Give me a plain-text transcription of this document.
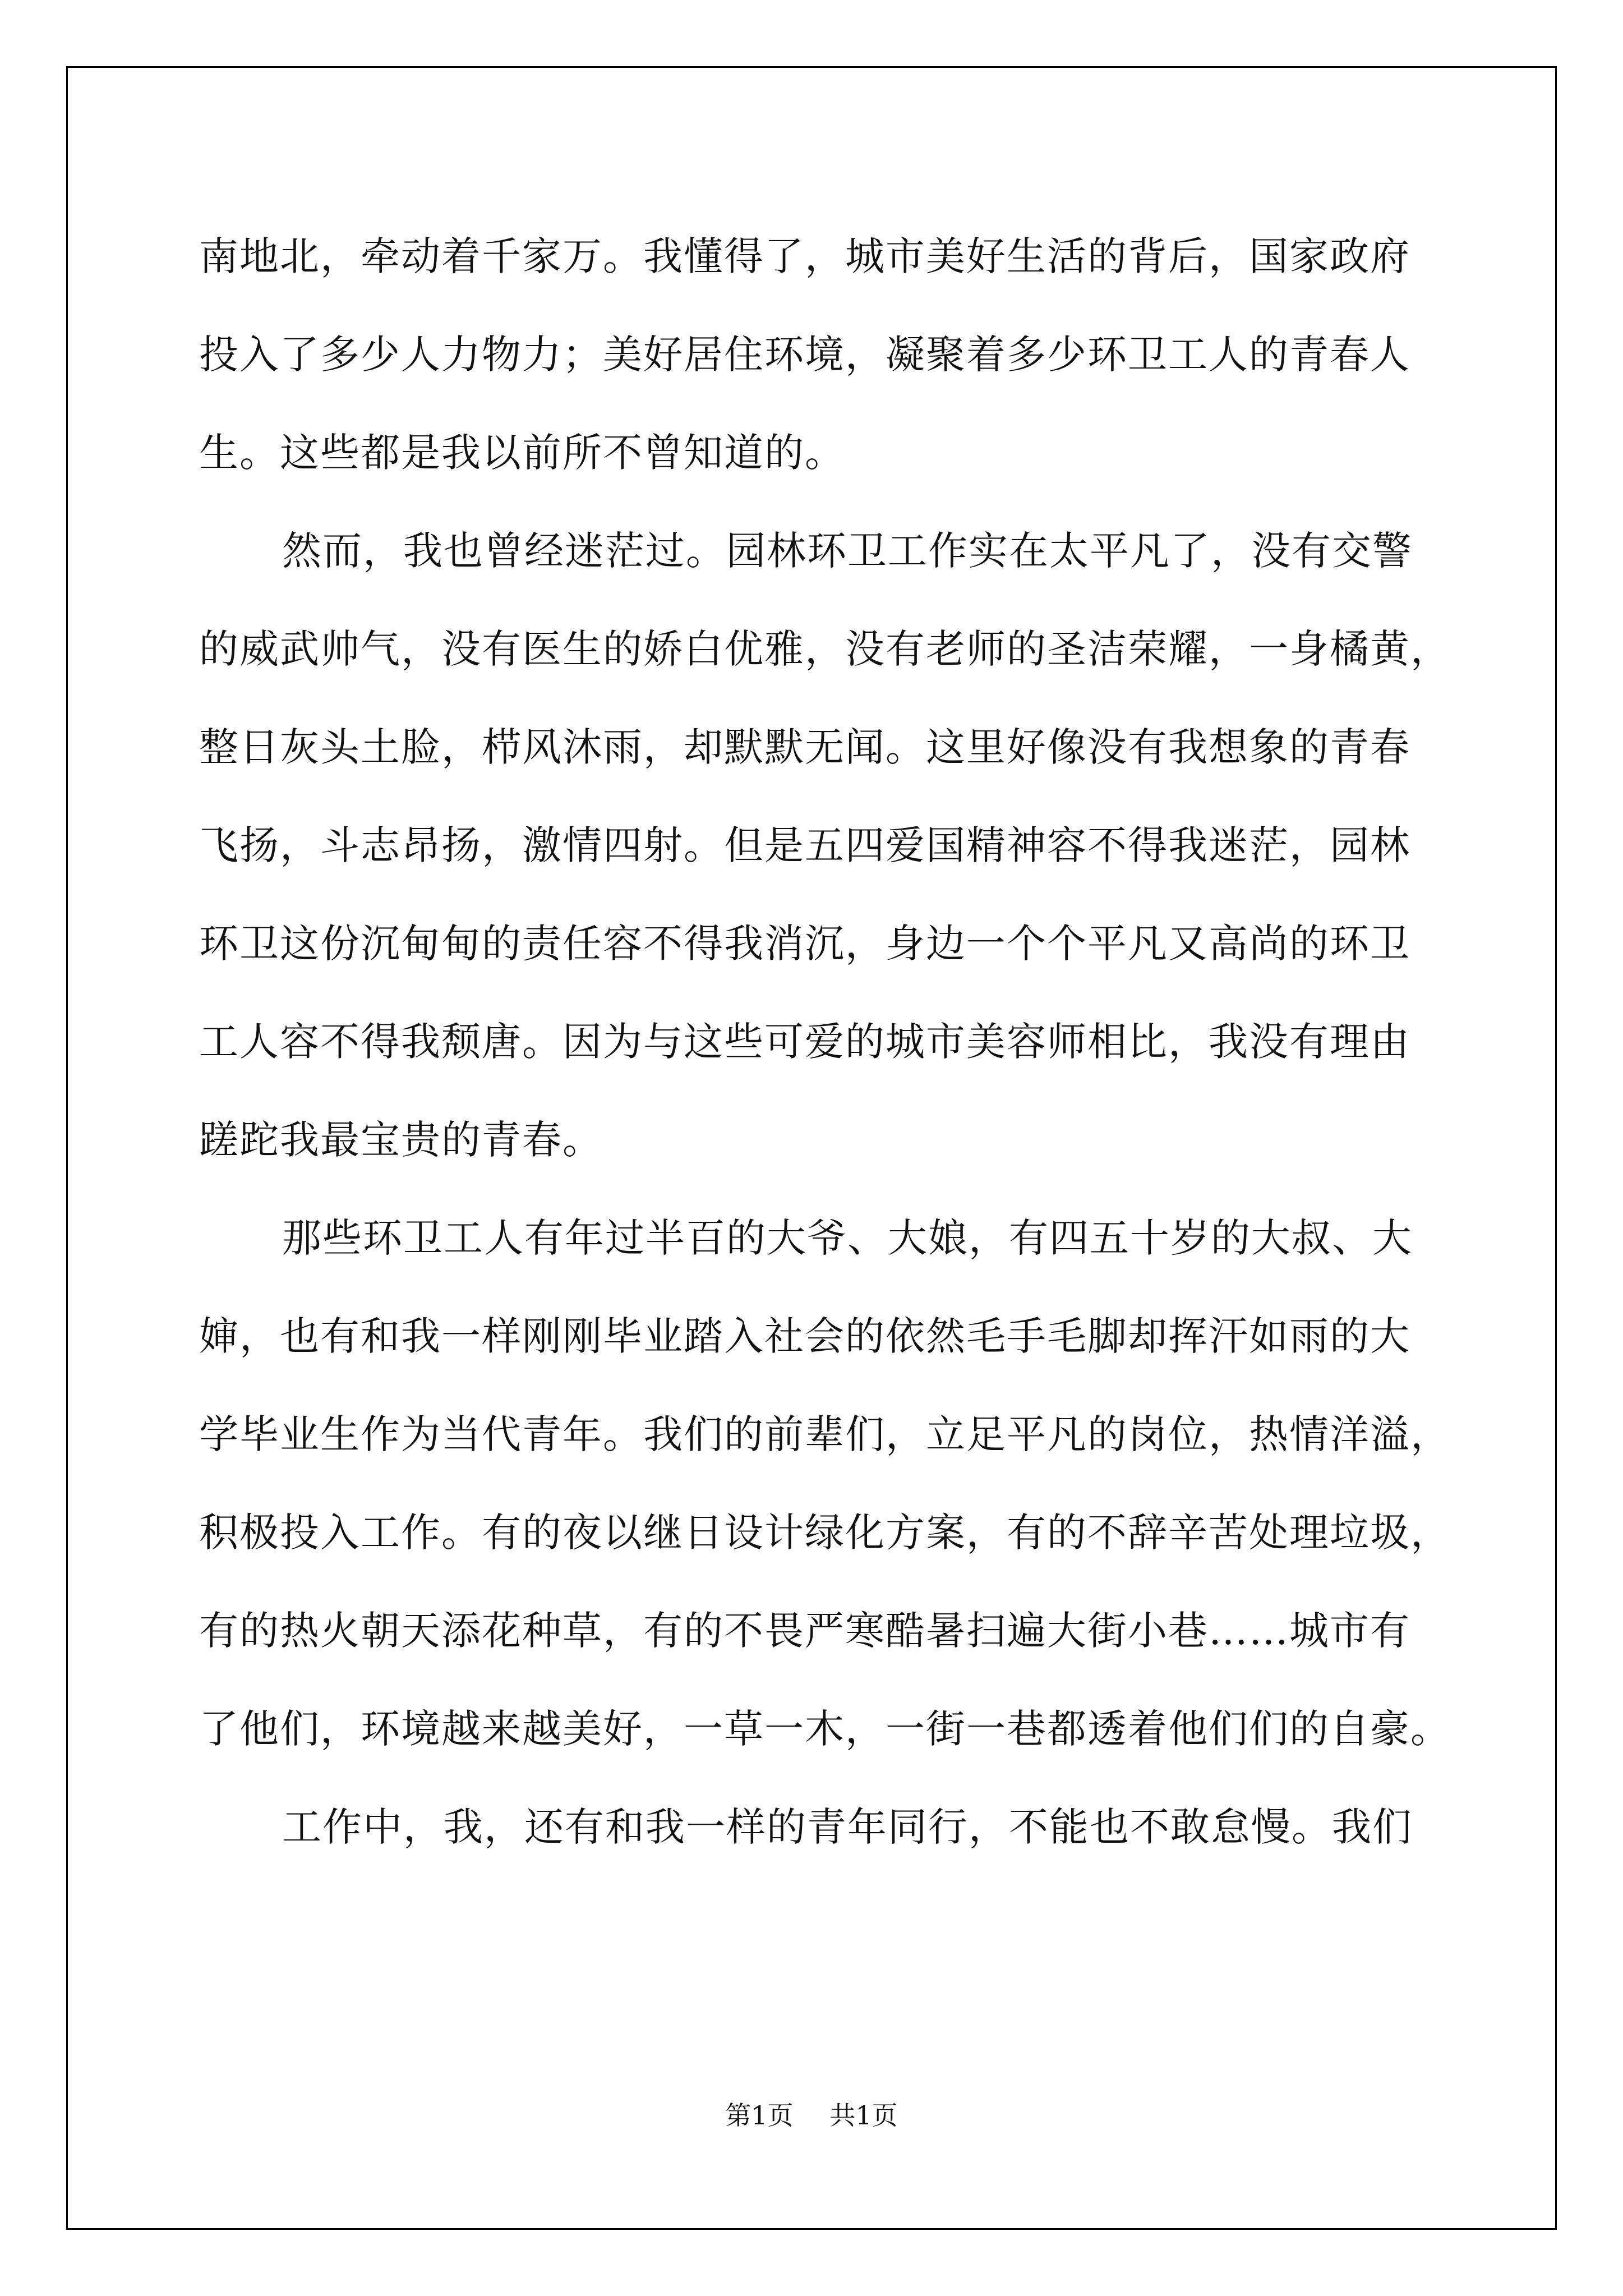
南地北，牵动着千家万。我懂得了，城市美好生活的背后，国家政府
投入了多少人力物力；美好居住环境，凝聚着多少环卫工人的青春人
生。这些都是我以前所不曾知道的。
然而，我也曾经迷茫过。园林环卫工作实在太平凡了，没有交警
的威武帅气，没有医生的娇白优雅，没有老师的圣洁荣耀，一身橘黄，
整日灰头土脸，栉风沐雨，却默默无闻。这里好像没有我想象的青春
飞扬，斗志昂扬，激情四射。但是五四爱国精神容不得我迷茫，园林
环卫这份沉甸甸的责任容不得我消沉，身边一个个平凡又高尚的环卫
工人容不得我颓唐。因为与这些可爱的城市美容师相比，我没有理由
蹉跎我最宝贵的青春。
那些环卫工人有年过半百的大爷、大娘，有四五十岁的大叔、大
婶，也有和我一样刚刚毕业踏入社会的依然毛手毛脚却挥汗如雨的大
学毕业生作为当代青年。我们的前辈们，立足平凡的岗位，热情洋溢，
积极投入工作。有的夜以继日设计绿化方案，有的不辞辛苦处理垃圾，
有的热火朝天添花种草，有的不畏严寒酷暑扫遍大街小巷……城市有
了他们，环境越来越美好，一草一木，一街一巷都透着他们们的自豪。
工作中，我，还有和我一样的青年同行，不能也不敢怠慢。我们
第1页 共1页
